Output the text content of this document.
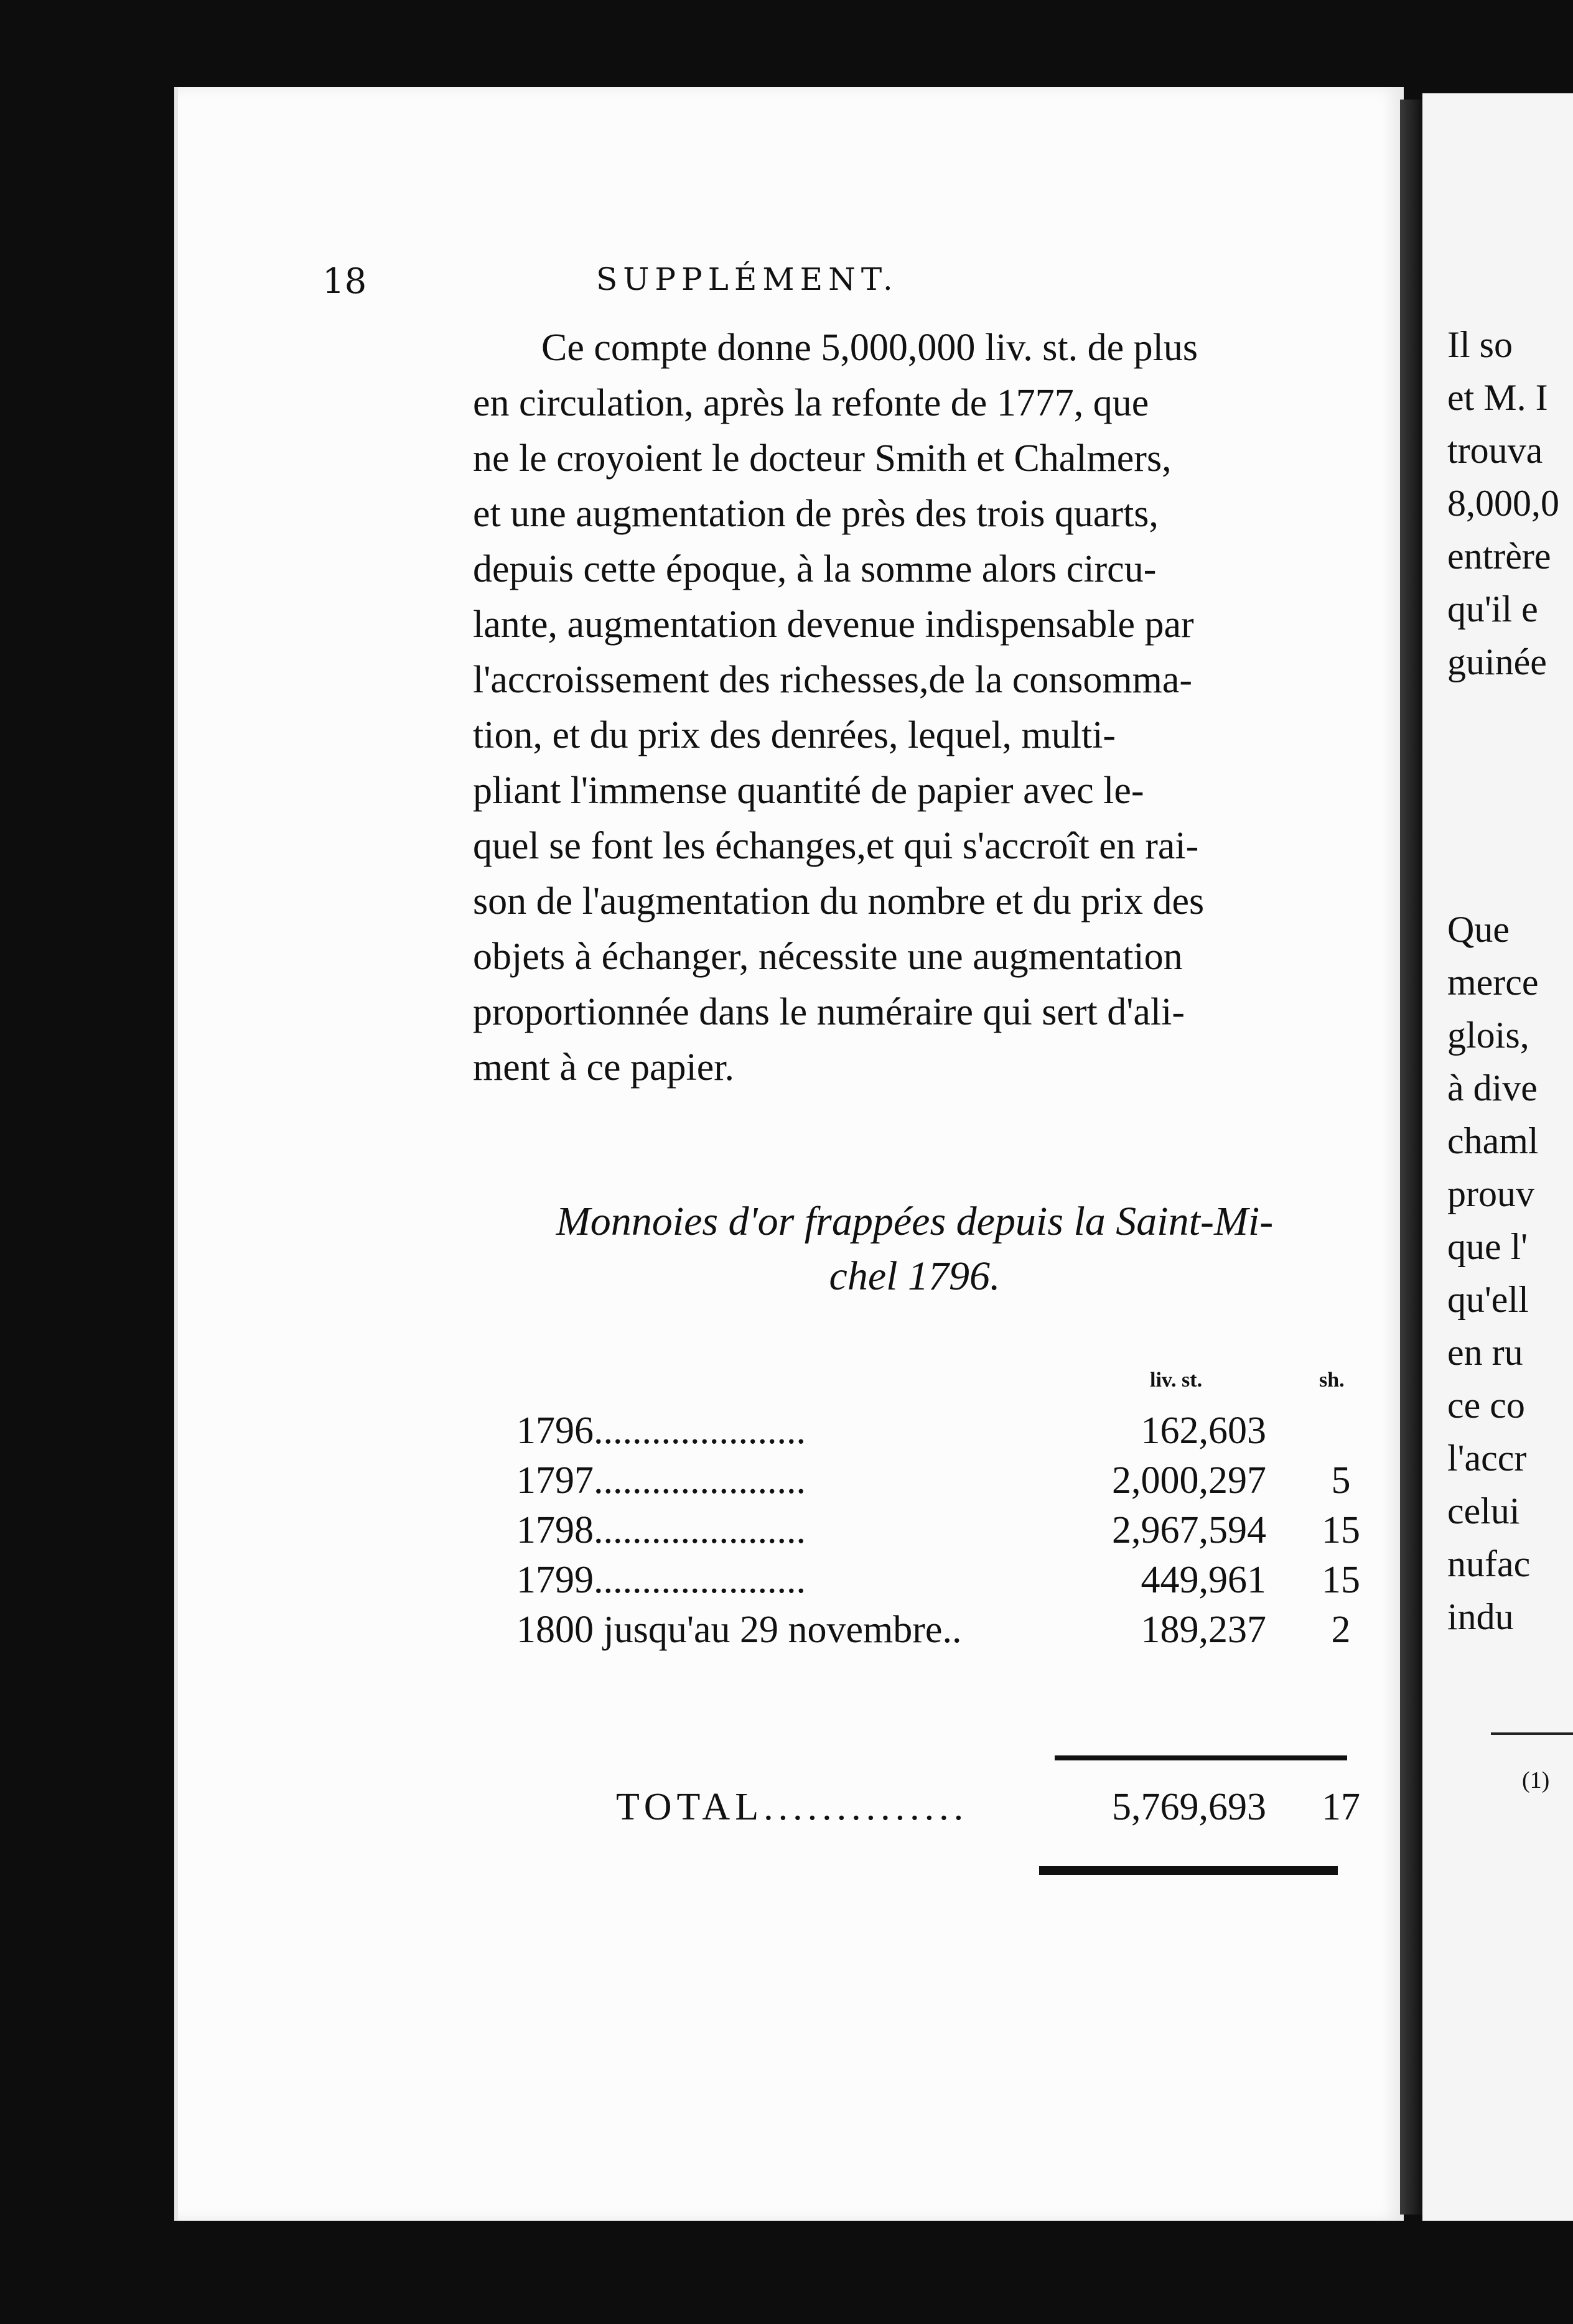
Il so
et M. I
trouva
8,000,0
entrère
qu'il e
guinée
Que
merce
glois,
à dive
chaml
prouv
que l'
qu'ell
en ru
ce co
l'accr
celui
nufac
indu
(1)
18	SUPPLÉMENT.
Ce compte donne 5,000,000 liv. st. de plus
en circulation, après la refonte de 1777, que
ne le croyoient le docteur Smith et Chalmers,
et une augmentation de près des trois quarts,
depuis cette époque, à la somme alors circu-
lante, augmentation devenue indispensable par
l'accroissement des richesses,de la consomma-
tion, et du prix des denrées, lequel, multi-
pliant l'immense quantité de papier avec le-
quel se font les échanges,et qui s'accroît en rai-
son de l'augmentation du nombre et du prix des
objets à échanger, nécessite une augmentation
proportionnée dans le numéraire qui sert d'ali-
ment à ce papier.
Monnoies d'or frappées depuis la Saint-Mi-
chel 1796.
liv. st.	sh.
1796......................	162,603
1797......................	2,000,297	5
1798......................	2,967,594 15
1799......................	449,961 15
1800 jusqu'au 29 novembre..	189,237	2
TOTAL..............	5,769,693 17
